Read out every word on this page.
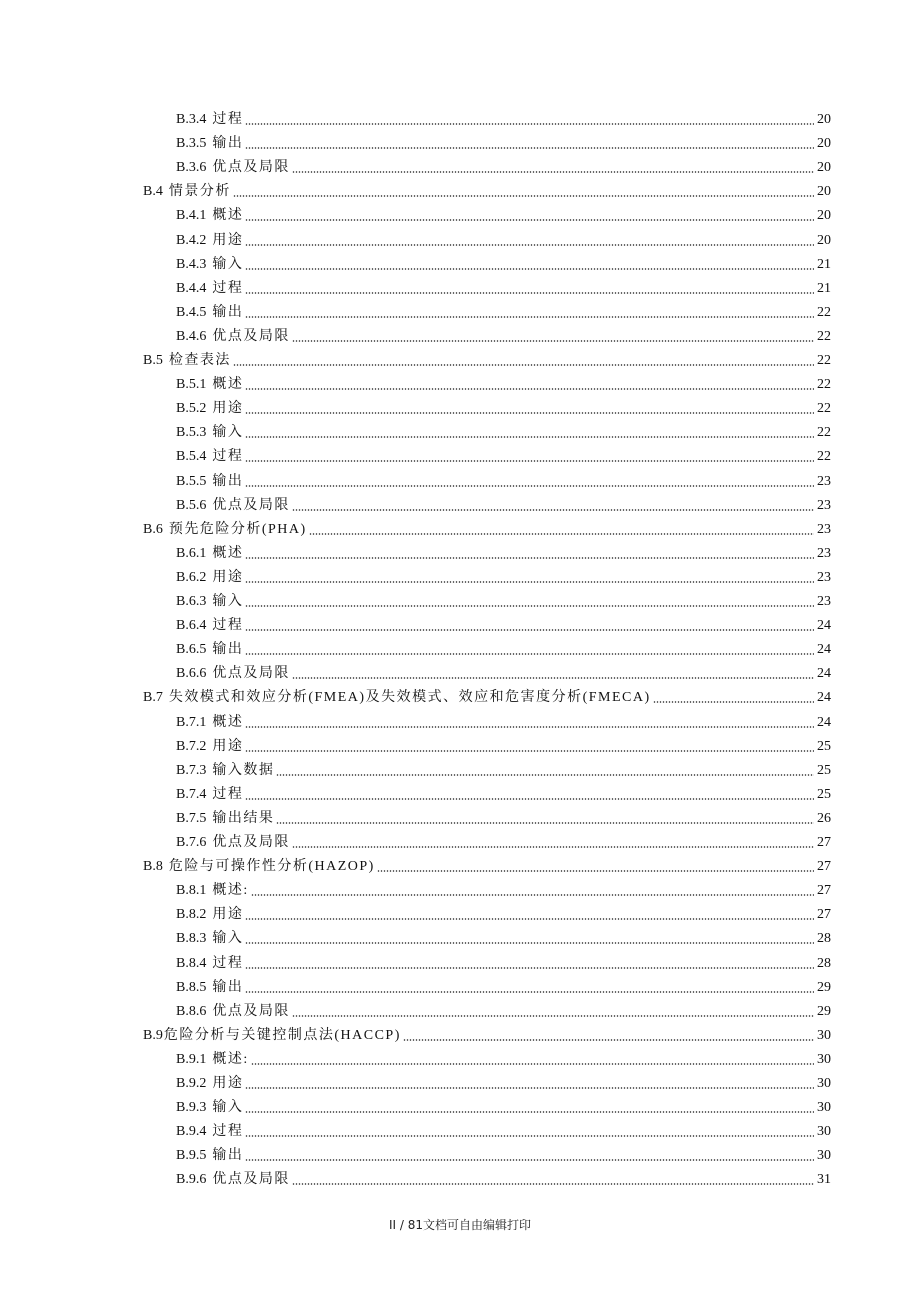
B.3.4 过程	20
B.3.5 输出	20
B.3.6 优点及局限	20
B.4 情景分析	20
B.4.1 概述	20
B.4.2 用途	20
B.4.3 输入	21
B.4.4 过程	21
B.4.5 输出	22
B.4.6 优点及局限	22
B.5 检查表法	22
B.5.1 概述	22
B.5.2 用途	22
B.5.3 输入	22
B.5.4 过程	22
B.5.5 输出	23
B.5.6 优点及局限	23
B.6 预先危险分析(PHA)	23
B.6.1 概述	23
B.6.2 用途	23
B.6.3 输入	23
B.6.4 过程	24
B.6.5 输出	24
B.6.6 优点及局限	24
B.7 失效模式和效应分析(FMEA)及失效模式、效应和危害度分析(FMECA)	24
B.7.1 概述	24
B.7.2 用途	25
B.7.3 输入数据	25
B.7.4 过程	25
B.7.5 输出结果	26
B.7.6 优点及局限	27
B.8 危险与可操作性分析(HAZOP)	27
B.8.1 概述:	27
B.8.2 用途	27
B.8.3 输入	28
B.8.4 过程	28
B.8.5 输出	29
B.8.6 优点及局限	29
B.9 危险分析与关键控制点法(HACCP)	30
B.9.1 概述:	30
B.9.2 用途	30
B.9.3 输入	30
B.9.4 过程	30
B.9.5 输出	30
B.9.6 优点及局限	31
II / 81文档可自由编辑打印
